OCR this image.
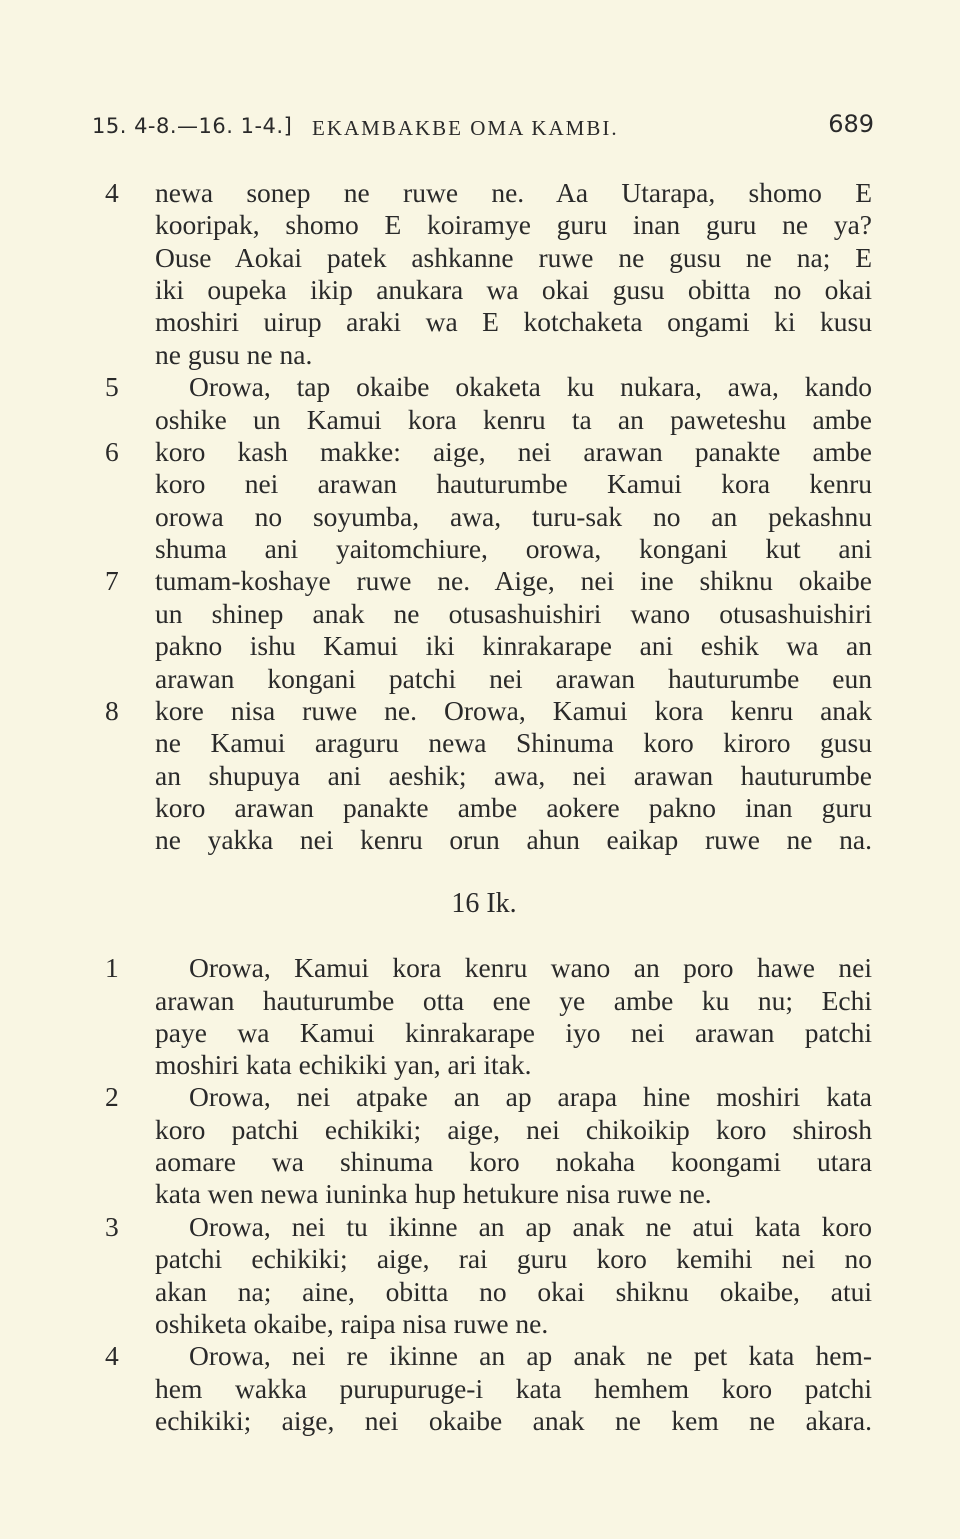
15. 4-8.—16. 1-4.] EKAMBAKBE OMA KAMBI.	689
4
5
6
7
8
1
2
3
4
newa sonep ne ruwe ne. Aa Utarapa, shomo E
kooripak, shomo E koiramye guru inan guru ne ya?
Ouse Aokai patek ashkanne ruwe ne gusu ne na; E
iki oupeka ikip anukara wa okai gusu obitta no okai
moshiri uirup araki wa E kotchaketa ongami ki kusu
ne gusu ne na.
Orowa, tap okaibe okaketa ku nukara, awa, kando
oshike un Kamui kora kenru ta an paweteshu ambe
koro kash makke: aige, nei arawan panakte ambe
koro nei arawan hauturumbe Kamui kora kenru
orowa no soyumba, awa, turu-sak no an pekashnu
shuma ani yaitomchiure, orowa, kongani kut ani
tumam-koshaye ruwe ne. Aige, nei ine shiknu okaibe
un shinep anak ne otusashuishiri wano otusashuishiri
pakno ishu Kamui iki kinrakarape ani eshik wa an
arawan kongani patchi nei arawan hauturumbe eun
kore nisa ruwe ne. Orowa, Kamui kora kenru anak
ne Kamui araguru newa Shinuma koro kiroro gusu
an shupuya ani aeshik; awa, nei arawan hauturumbe
koro arawan panakte ambe aokere pakno inan guru
ne yakka nei kenru orun ahun eaikap ruwe ne na.
16 Ik.
Orowa, Kamui kora kenru wano an poro hawe nei
arawan hauturumbe otta ene ye ambe ku nu; Echi
paye wa Kamui kinrakarape iyo nei arawan patchi
moshiri kata echikiki yan, ari itak.
Orowa, nei atpake an ap arapa hine moshiri kata
koro patchi echikiki; aige, nei chikoikip koro shirosh
aomare wa shinuma koro nokaha koongami utara
kata wen newa iuninka hup hetukure nisa ruwe ne.
Orowa, nei tu ikinne an ap anak ne atui kata koro
patchi echikiki; aige, rai guru koro kemihi nei no
akan na; aine, obitta no okai shiknu okaibe, atui
oshiketa okaibe, raipa nisa ruwe ne.
Orowa, nei re ikinne an ap anak ne pet kata hem-
hem wakka purupuruge-i kata hemhem koro patchi
echikiki; aige, nei okaibe anak ne kem ne akara.
